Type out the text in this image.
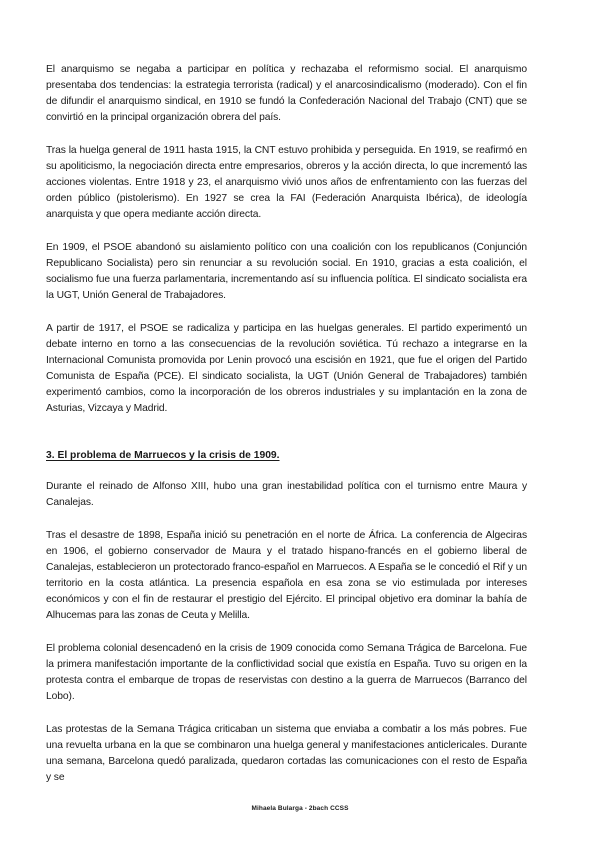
El anarquismo se negaba a participar en política y rechazaba el reformismo social. El anarquismo presentaba dos tendencias: la estrategia terrorista (radical) y el anarcosindicalismo (moderado). Con el fin de difundir el anarquismo sindical, en 1910 se fundó la Confederación Nacional del Trabajo (CNT) que se convirtió en la principal organización obrera del país.

Tras la huelga general de 1911 hasta 1915, la CNT estuvo prohibida y perseguida. En 1919, se reafirmó en su apoliticismo, la negociación directa entre empresarios, obreros y la acción directa, lo que incrementó las acciones violentas. Entre 1918 y 23, el anarquismo vivió unos años de enfrentamiento con las fuerzas del orden público (pistolerismo). En 1927 se crea la FAI (Federación Anarquista Ibérica), de ideología anarquista y que opera mediante acción directa.

En 1909, el PSOE abandonó su aislamiento político con una coalición con los republicanos (Conjunción Republicano Socialista) pero sin renunciar a su revolución social. En 1910, gracias a esta coalición, el socialismo fue una fuerza parlamentaria, incrementando así su influencia política. El sindicato socialista era la UGT, Unión General de Trabajadores.

A partir de 1917, el PSOE se radicaliza y participa en las huelgas generales. El partido experimentó un debate interno en torno a las consecuencias de la revolución soviética. Tú rechazo a integrarse en la Internacional Comunista promovida por Lenin provocó una escisión en 1921, que fue el origen del Partido Comunista de España (PCE). El sindicato socialista, la UGT (Unión General de Trabajadores) también experimentó cambios, como la incorporación de los obreros industriales y su implantación en la zona de Asturias, Vizcaya y Madrid.

3. El problema de Marruecos y la crisis de 1909.

Durante el reinado de Alfonso XIII, hubo una gran inestabilidad política con el turnismo entre Maura y Canalejas.

Tras el desastre de 1898, España inició su penetración en el norte de África. La conferencia de Algeciras en 1906, el gobierno conservador de Maura y el tratado hispano-francés en el gobierno liberal de Canalejas, establecieron un protectorado franco-español en Marruecos. A España se le concedió el Rif y un territorio en la costa atlántica. La presencia española en esa zona se vio estimulada por intereses económicos y con el fin de restaurar el prestigio del Ejército. El principal objetivo era dominar la bahía de Alhucemas para las zonas de Ceuta y Melilla.

El problema colonial desencadenó en la crisis de 1909 conocida como Semana Trágica de Barcelona. Fue la primera manifestación importante de la conflictividad social que existía en España. Tuvo su origen en la protesta contra el embarque de tropas de reservistas con destino a la guerra de Marruecos (Barranco del Lobo).

Las protestas de la Semana Trágica criticaban un sistema que enviaba a combatir a los más pobres. Fue una revuelta urbana en la que se combinaron una huelga general y manifestaciones anticlericales. Durante una semana, Barcelona quedó paralizada, quedaron cortadas las comunicaciones con el resto de España y se

Mihaela Bularga - 2bach CCSS
